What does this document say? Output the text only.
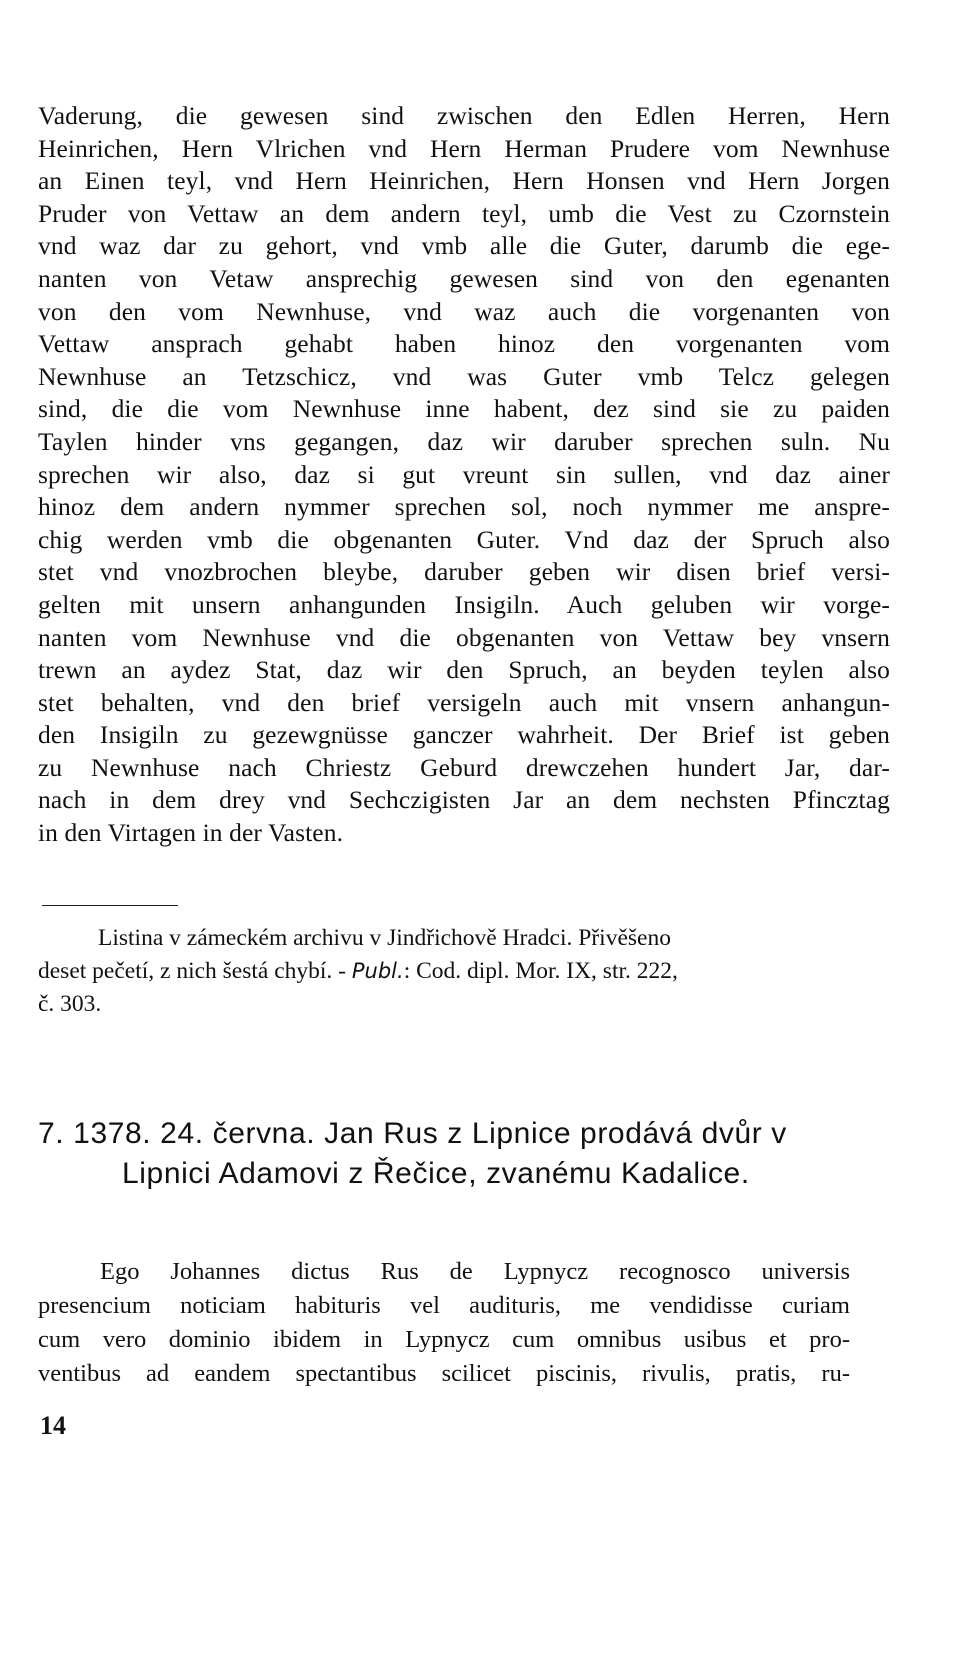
Vaderung, die gewesen sind zwischen den Edlen Herren, Hern
Heinrichen, Hern Vlrichen vnd Hern Herman Prudere vom Newnhuse
an Einen teyl, vnd Hern Heinrichen, Hern Honsen vnd Hern Jorgen
Pruder von Vettaw an dem andern teyl, umb die Vest zu Czornstein
vnd waz dar zu gehort, vnd vmb alle die Guter, darumb die ege-
nanten von Vetaw ansprechig gewesen sind von den egenanten
von den vom Newnhuse, vnd waz auch die vorgenanten von
Vettaw ansprach gehabt haben hinoz den vorgenanten vom
Newnhuse an Tetzschicz, vnd was Guter vmb Telcz gelegen
sind, die die vom Newnhuse inne habent, dez sind sie zu paiden
Taylen hinder vns gegangen, daz wir daruber sprechen suln. Nu
sprechen wir also, daz si gut vreunt sin sullen, vnd daz ainer
hinoz dem andern nymmer sprechen sol, noch nymmer me anspre-
chig werden vmb die obgenanten Guter. Vnd daz der Spruch also
stet vnd vnozbrochen bleybe, daruber geben wir disen brief versi-
gelten mit unsern anhangunden Insigiln. Auch geluben wir vorge-
nanten vom Newnhuse vnd die obgenanten von Vettaw bey vnsern
trewn an aydez Stat, daz wir den Spruch, an beyden teylen also
stet behalten, vnd den brief versigeln auch mit vnsern anhangun-
den Insigiln zu gezewgnüsse ganczer wahrheit. Der Brief ist geben
zu Newnhuse nach Chriestz Geburd drewczehen hundert Jar, dar-
nach in dem drey vnd Sechczigisten Jar an dem nechsten Pfincztag
in den Virtagen in der Vasten.
Listina v zámeckém archivu v Jindřichově Hradci. Přivěšeno
deset pečetí, z nich šestá chybí. - Publ.: Cod. dipl. Mor. IX, str. 222,
č. 303.
7. 1378. 24. června. Jan Rus z Lipnice prodává dvůr v
Lipnici Adamovi z Řečice, zvanému Kadalice.
Ego Johannes dictus Rus de Lypnycz recognosco universis
presencium noticiam habituris vel audituris, me vendidisse curiam
cum vero dominio ibidem in Lypnycz cum omnibus usibus et pro-
ventibus ad eandem spectantibus scilicet piscinis, rivulis, pratis, ru-
14
